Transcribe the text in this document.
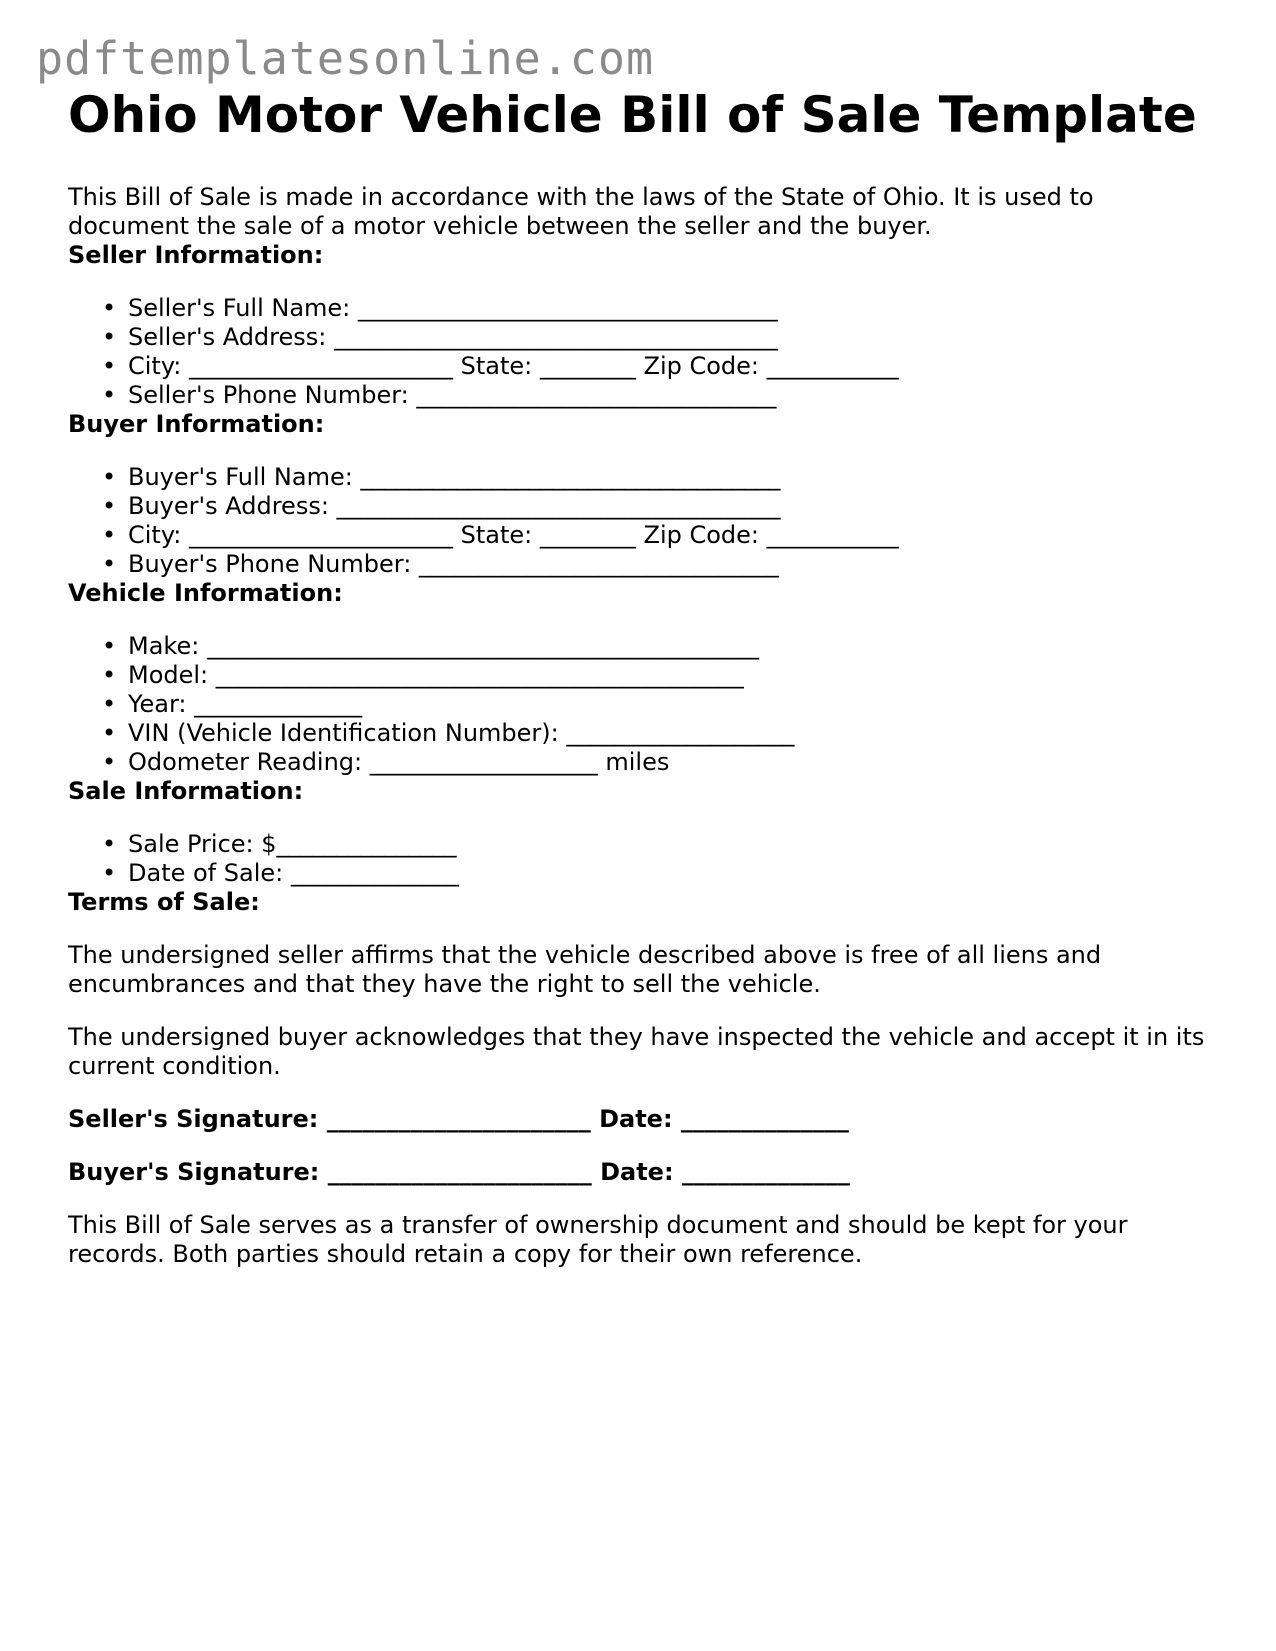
pdftemplatesonline.com
Ohio Motor Vehicle Bill of Sale Template

This Bill of Sale is made in accordance with the laws of the State of Ohio. It is used to document the sale of a motor vehicle between the seller and the buyer.

Seller Information:

• Seller's Full Name: ___________________________________
• Seller's Address: _____________________________________
• City: ______________________ State: ________ Zip Code: ___________
• Seller's Phone Number: ______________________________

Buyer Information:

• Buyer's Full Name: ___________________________________
• Buyer's Address: _____________________________________
• City: ______________________ State: ________ Zip Code: ___________
• Buyer's Phone Number: ______________________________

Vehicle Information:

• Make: ______________________________________________
• Model: ____________________________________________
• Year: ______________
• VIN (Vehicle Identification Number): ___________________
• Odometer Reading: ___________________ miles

Sale Information:

• Sale Price: $_______________
• Date of Sale: ______________

Terms of Sale:

The undersigned seller affirms that the vehicle described above is free of all liens and encumbrances and that they have the right to sell the vehicle.

The undersigned buyer acknowledges that they have inspected the vehicle and accept it in its current condition.

Seller's Signature: ______________________ Date: ______________

Buyer's Signature: ______________________ Date: ______________

This Bill of Sale serves as a transfer of ownership document and should be kept for your records. Both parties should retain a copy for their own reference.
